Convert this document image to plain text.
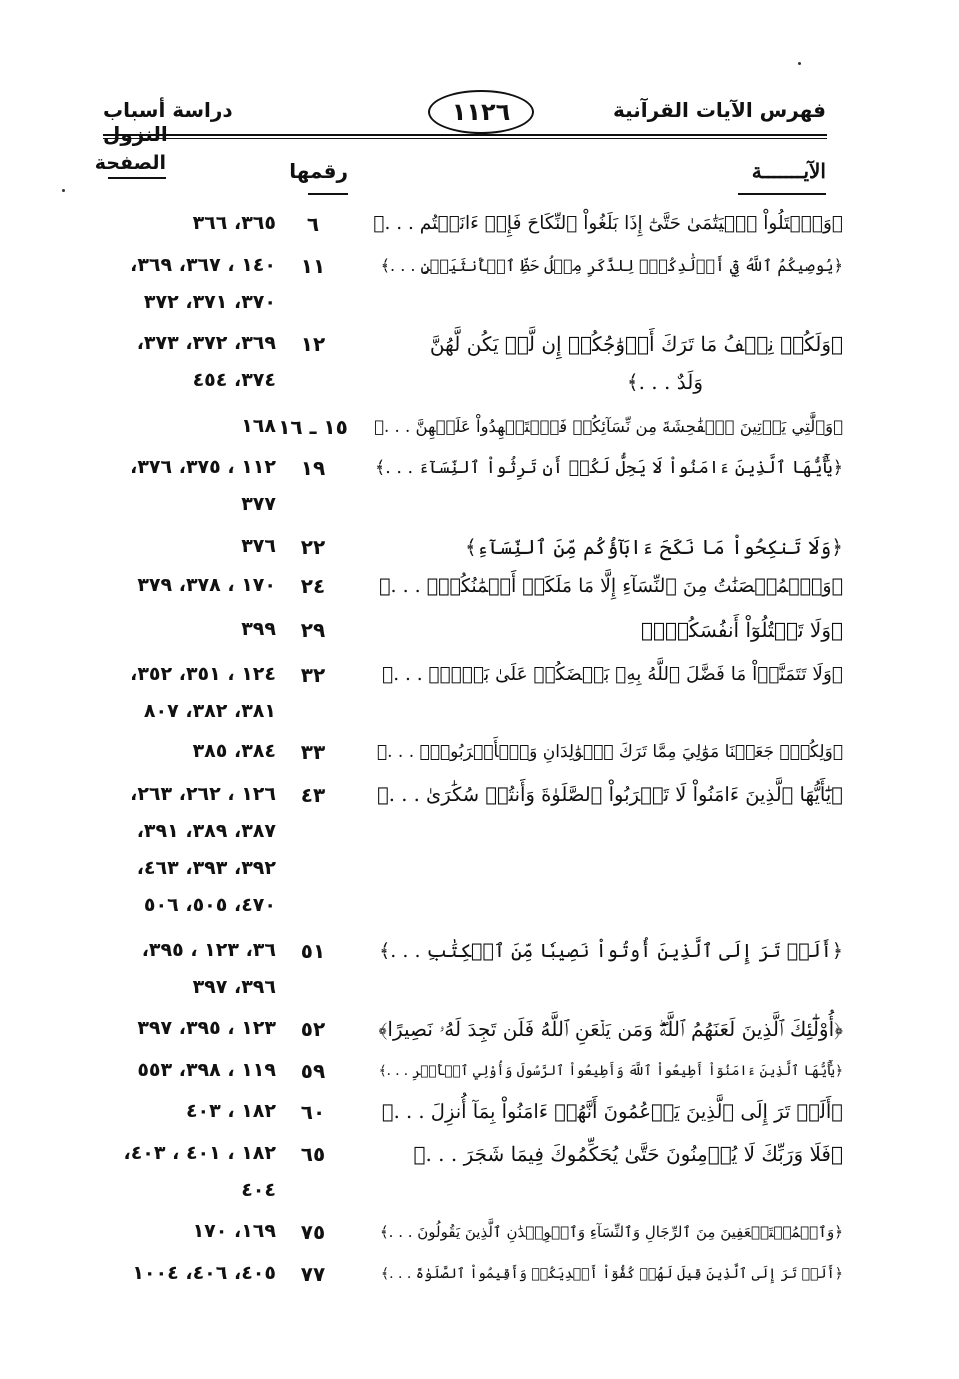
فهرس الآيات القرآنية
١١٢٦
دراسة أسباب النزول
الآيـــــــة
رقمها
الصفحة
﴿وَٱبۡتَلُواْ ٱلۡيَتَٰمَىٰ حَتَّىٰٓ إِذَا بَلَغُواْ ٱلنِّكَاحَ فَإِنۡ ءَانَسۡتُم . . .﴾
٦
٣٦٥، ٣٦٦
﴿يُوصِيكُمُ ٱللَّهُ فِيٓ أَوۡلَٰدِكُمۡۖ لِلذَّكَرِ مِثۡلُ حَظِّ ٱلۡأُنثَيَيۡنِ . . .﴾
١١
١٤٠ ، ٣٦٧، ٣٦٩،
٣٧٠، ٣٧١، ٣٧٢
﴿وَلَكُمۡ نِصۡفُ مَا تَرَكَ أَزۡوَٰجُكُمۡ إِن لَّمۡ يَكُن لَّهُنَّ
وَلَدٌ . . .﴾
١٢
٣٦٩، ٣٧٢، ٣٧٣،
٣٧٤، ٤٥٤
﴿وَٱلَّٰتِي يَأۡتِينَ ٱلۡفَٰحِشَةَ مِن نِّسَآئِكُمۡ فَٱسۡتَشۡهِدُواْ عَلَيۡهِنَّ . . .﴾
١٥ ـ ١٦
١٦٨
﴿يَٰٓأَيُّهَا ٱلَّذِينَ ءَامَنُواْ لَا يَحِلُّ لَكُمۡ أَن تَرِثُواْ ٱلنِّسَآءَ . . .﴾
١٩
١١٢ ، ٣٧٥، ٣٧٦،
٣٧٧
﴿وَلَا تَنكِحُواْ مَا نَكَحَ ءَابَآؤُكُم مِّنَ ٱلنِّسَآءِ﴾
٢٢
٣٧٦
﴿وَٱلۡمُحۡصَنَٰتُ مِنَ ٱلنِّسَآءِ إِلَّا مَا مَلَكَتۡ أَيۡمَٰنُكُمۡۖ . . .﴾
٢٤
١٧٠ ، ٣٧٨، ٣٧٩
﴿وَلَا تَقۡتُلُوٓاْ أَنفُسَكُمۡۚ﴾
٢٩
٣٩٩
﴿وَلَا تَتَمَنَّوۡاْ مَا فَضَّلَ ٱللَّهُ بِهِۦ بَعۡضَكُمۡ عَلَىٰ بَعۡضٖۚ . . .﴾
٣٢
١٢٤ ، ٣٥١، ٣٥٢،
٣٨١، ٣٨٢، ٨٠٧
﴿وَلِكُلّٖ جَعَلۡنَا مَوَٰلِيَ مِمَّا تَرَكَ ٱلۡوَٰلِدَانِ وَٱلۡأَقۡرَبُونَۚ . . .﴾
٣٣
٣٨٤، ٣٨٥
﴿يَٰٓأَيُّهَا ٱلَّذِينَ ءَامَنُواْ لَا تَقۡرَبُواْ ٱلصَّلَوٰةَ وَأَنتُمۡ سُكَٰرَىٰ . . .﴾
٤٣
١٢٦ ، ٢٦٢، ٢٦٣،
٣٨٧، ٣٨٩، ٣٩١،
٣٩٢، ٣٩٣، ٤٦٣،
٤٧٠، ٥٠٥، ٥٠٦
﴿أَلَمۡ تَرَ إِلَى ٱلَّذِينَ أُوتُواْ نَصِيبٗا مِّنَ ٱلۡكِتَٰبِ . . .﴾
٥١
٣٦، ١٢٣ ، ٣٩٥،
٣٩٦، ٣٩٧
﴿أُوْلَٰٓئِكَ ٱلَّذِينَ لَعَنَهُمُ ٱللَّهُۖ وَمَن يَلۡعَنِ ٱللَّهُ فَلَن تَجِدَ لَهُۥ نَصِيرًا﴾
٥٢
١٢٣ ، ٣٩٥، ٣٩٧
﴿يَٰٓأَيُّهَا ٱلَّذِينَ ءَامَنُوٓاْ أَطِيعُواْ ٱللَّهَ وَأَطِيعُواْ ٱلرَّسُولَ وَأُوْلِي ٱلۡأَمۡرِ . . .﴾
٥٩
١١٩ ، ٣٩٨، ٥٥٣
﴿أَلَمۡ تَرَ إِلَى ٱلَّذِينَ يَزۡعُمُونَ أَنَّهُمۡ ءَامَنُواْ بِمَآ أُنزِلَ . . .﴾
٦٠
١٨٢ ، ٤٠٣
﴿فَلَا وَرَبِّكَ لَا يُؤۡمِنُونَ حَتَّىٰ يُحَكِّمُوكَ فِيمَا شَجَرَ . . .﴾
٦٥
١٨٢ ، ٤٠١ ، ٤٠٣،
٤٠٤
﴿وَٱلۡمُسۡتَضۡعَفِينَ مِنَ ٱلرِّجَالِ وَٱلنِّسَآءِ وَٱلۡوِلۡدَٰنِ ٱلَّذِينَ يَقُولُونَ . . .﴾
٧٥
١٦٩، ١٧٠
﴿أَلَمۡ تَرَ إِلَى ٱلَّذِينَ قِيلَ لَهُمۡ كُفُّوٓاْ أَيۡدِيَكُمۡ وَأَقِيمُواْ ٱلصَّلَوٰةَ . . .﴾
٧٧
٤٠٥، ٤٠٦، ١٠٠٤
